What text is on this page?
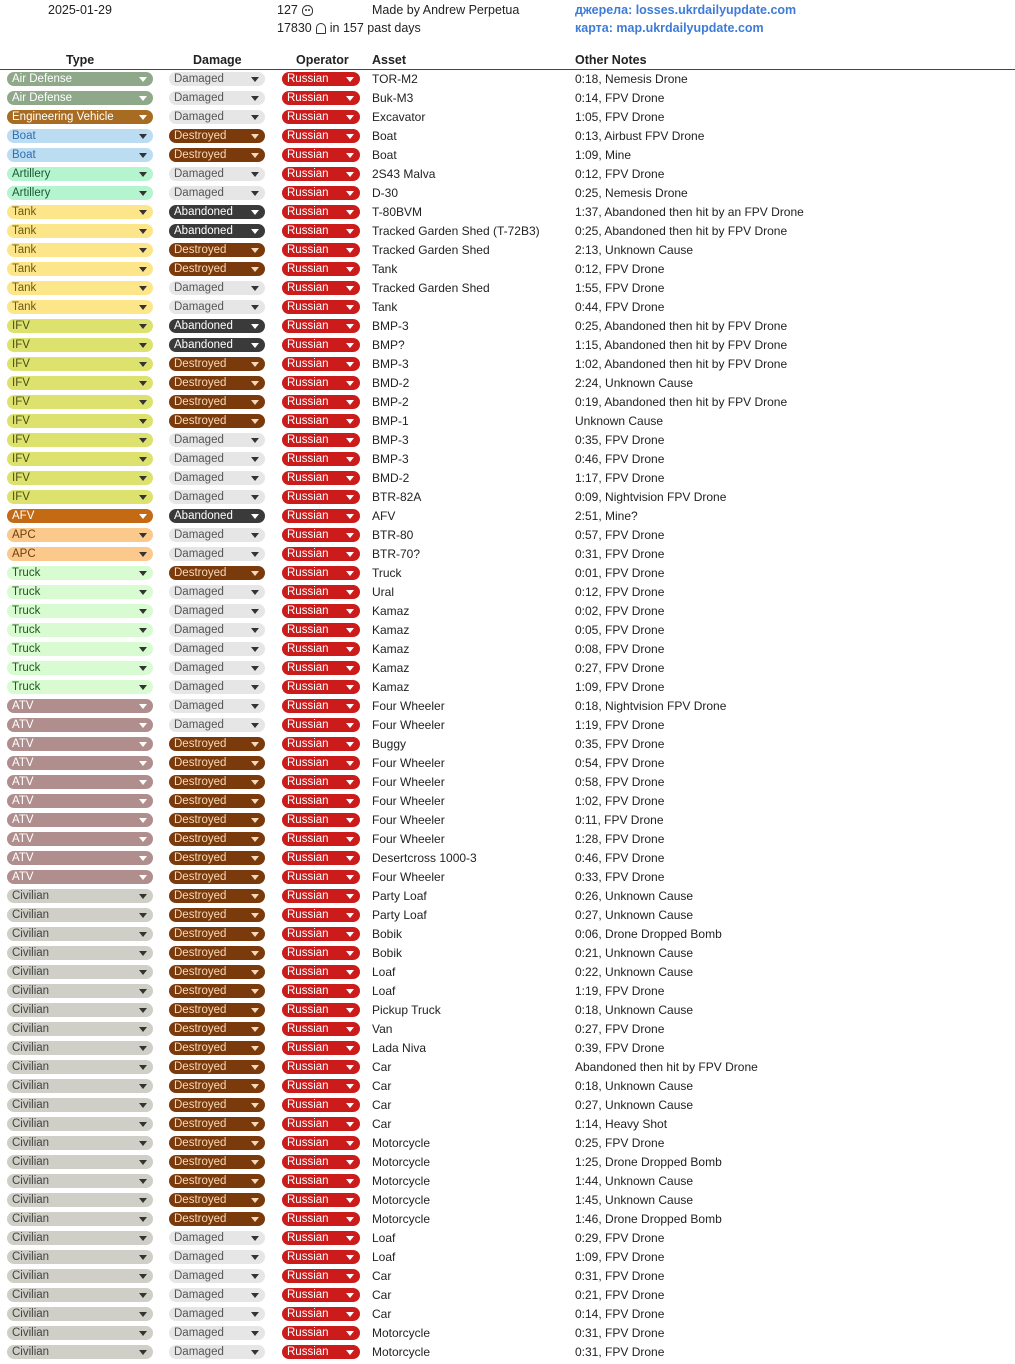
2025-01-29	127
17830 in 157 past days
Made by Andrew Perpetua	джерела: losses.ukrdailyupdate.com
карта: map.ukrdailyupdate.com
Type	Damage	Operator Asset	Other Notes
Air Defense	Damaged	Russian	TOR-M2	0:18, Nemesis Drone
Air Defense	Damaged	Russian	Buk-M3	0:14, FPV Drone
Engineering Vehicle	Damaged	Russian	Excavator	1:05, FPV Drone
Boat	Destroyed	Russian	Boat	0:13, Airbust FPV Drone
Boat	Destroyed	Russian	Boat	1:09, Mine
Artillery	Damaged	Russian	2S43 Malva	0:12, FPV Drone
Artillery	Damaged	Russian	D-30	0:25, Nemesis Drone
Tank	Abandoned	Russian	T-80BVM	1:37, Abandoned then hit by an FPV Drone
Tank	Abandoned	Russian	Tracked Garden Shed (T-72B3)	0:25, Abandoned then hit by FPV Drone
Tank	Destroyed	Russian	Tracked Garden Shed	2:13, Unknown Cause
Tank	Destroyed	Russian	Tank	0:12, FPV Drone
Tank	Damaged	Russian	Tracked Garden Shed	1:55, FPV Drone
Tank	Damaged	Russian	Tank	0:44, FPV Drone
IFV	Abandoned	Russian	BMP-3	0:25, Abandoned then hit by FPV Drone
IFV	Abandoned	Russian	BMP?	1:15, Abandoned then hit by FPV Drone
IFV	Destroyed	Russian	BMP-3	1:02, Abandoned then hit by FPV Drone
IFV	Destroyed	Russian	BMD-2	2:24, Unknown Cause
IFV	Destroyed	Russian	BMP-2	0:19, Abandoned then hit by FPV Drone
IFV	Destroyed	Russian	BMP-1	Unknown Cause
IFV	Damaged	Russian	BMP-3	0:35, FPV Drone
IFV	Damaged	Russian	BMP-3	0:46, FPV Drone
IFV	Damaged	Russian	BMD-2	1:17, FPV Drone
IFV	Damaged	Russian	BTR-82A	0:09, Nightvision FPV Drone
AFV	Abandoned	Russian	AFV	2:51, Mine?
APC	Damaged	Russian	BTR-80	0:57, FPV Drone
APC	Damaged	Russian	BTR-70?	0:31, FPV Drone
Truck	Destroyed	Russian	Truck	0:01, FPV Drone
Truck	Damaged	Russian	Ural	0:12, FPV Drone
Truck	Damaged	Russian	Kamaz	0:02, FPV Drone
Truck	Damaged	Russian	Kamaz	0:05, FPV Drone
Truck	Damaged	Russian	Kamaz	0:08, FPV Drone
Truck	Damaged	Russian	Kamaz	0:27, FPV Drone
Truck	Damaged	Russian	Kamaz	1:09, FPV Drone
ATV	Damaged	Russian	Four Wheeler	0:18, Nightvision FPV Drone
ATV	Damaged	Russian	Four Wheeler	1:19, FPV Drone
ATV	Destroyed	Russian	Buggy	0:35, FPV Drone
ATV	Destroyed	Russian	Four Wheeler	0:54, FPV Drone
ATV	Destroyed	Russian	Four Wheeler	0:58, FPV Drone
ATV	Destroyed	Russian	Four Wheeler	1:02, FPV Drone
ATV	Destroyed	Russian	Four Wheeler	0:11, FPV Drone
ATV	Destroyed	Russian	Four Wheeler	1:28, FPV Drone
ATV	Destroyed	Russian	Desertcross 1000-3	0:46, FPV Drone
ATV	Destroyed	Russian	Four Wheeler	0:33, FPV Drone
Civilian	Destroyed	Russian	Party Loaf	0:26, Unknown Cause
Civilian	Destroyed	Russian	Party Loaf	0:27, Unknown Cause
Civilian	Destroyed	Russian	Bobik	0:06, Drone Dropped Bomb
Civilian	Destroyed	Russian	Bobik	0:21, Unknown Cause
Civilian	Destroyed	Russian	Loaf	0:22, Unknown Cause
Civilian	Destroyed	Russian	Loaf	1:19, FPV Drone
Civilian	Destroyed	Russian	Pickup Truck	0:18, Unknown Cause
Civilian	Destroyed	Russian	Van	0:27, FPV Drone
Civilian	Destroyed	Russian	Lada Niva	0:39, FPV Drone
Civilian	Destroyed	Russian	Car	Abandoned then hit by FPV Drone
Civilian	Destroyed	Russian	Car	0:18, Unknown Cause
Civilian	Destroyed	Russian	Car	0:27, Unknown Cause
Civilian	Destroyed	Russian	Car	1:14, Heavy Shot
Civilian	Destroyed	Russian	Motorcycle	0:25, FPV Drone
Civilian	Destroyed	Russian	Motorcycle	1:25, Drone Dropped Bomb
Civilian	Destroyed	Russian	Motorcycle	1:44, Unknown Cause
Civilian	Destroyed	Russian	Motorcycle	1:45, Unknown Cause
Civilian	Destroyed	Russian	Motorcycle	1:46, Drone Dropped Bomb
Civilian	Damaged	Russian	Loaf	0:29, FPV Drone
Civilian	Damaged	Russian	Loaf	1:09, FPV Drone
Civilian	Damaged	Russian	Car	0:31, FPV Drone
Civilian	Damaged	Russian	Car	0:21, FPV Drone
Civilian	Damaged	Russian	Car	0:14, FPV Drone
Civilian	Damaged	Russian	Motorcycle	0:31, FPV Drone
Civilian	Damaged	Russian	Motorcycle	0:31, FPV Drone
